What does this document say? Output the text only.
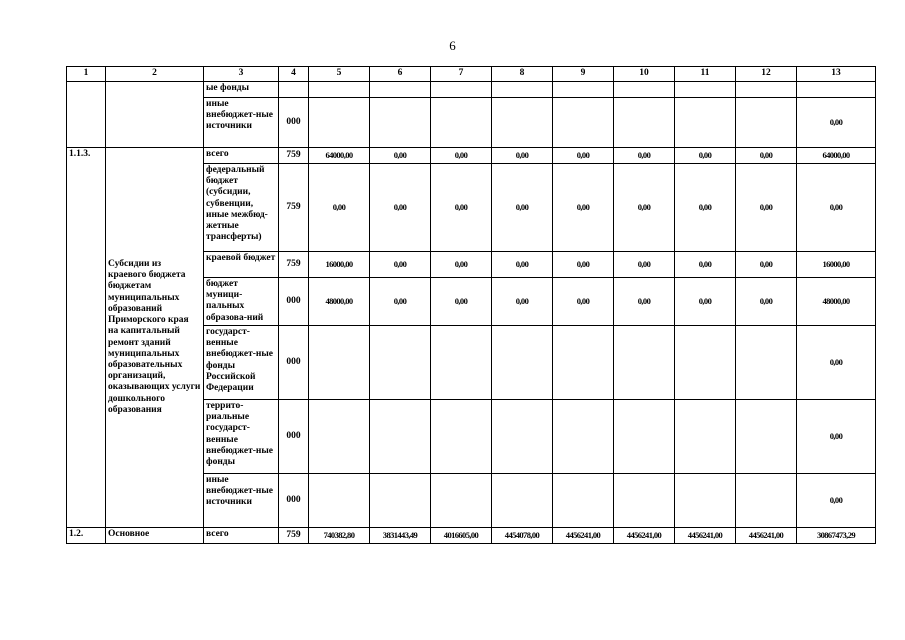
6
1	2	3	4	5	6	7	8	9	10	11	12	13
		ые фонды										
		иные внебюджет-ные источники	000									0,00
1.1.3.	Субсидии из краевого бюджета бюджетам муниципальных образований Приморского края на капитальный ремонт зданий муниципальных образовательных организаций, оказывающих услуги дошкольного образования	всего	759	64000,00	0,00	0,00	0,00	0,00	0,00	0,00	0,00	64000,00
		федеральный бюджет (субсидии, субвенции, иные межбюд-жетные трансферты)	759	0,00	0,00	0,00	0,00	0,00	0,00	0,00	0,00	0,00
		краевой бюджет	759	16000,00	0,00	0,00	0,00	0,00	0,00	0,00	0,00	16000,00
		бюджет муници-пальных образова-ний	000	48000,00	0,00	0,00	0,00	0,00	0,00	0,00	0,00	48000,00
		государст-венные внебюджет-ные фонды Российской Федерации	000									0,00
		террито-риальные государст-венные внебюджет-ные фонды	000									0,00
		иные внебюджет-ные источники	000									0,00
1.2.	Основное	всего	759	740382,80	3831443,49	4016605,00	4454078,00	4456241,00	4456241,00	4456241,00	4456241,00	30867473,29
